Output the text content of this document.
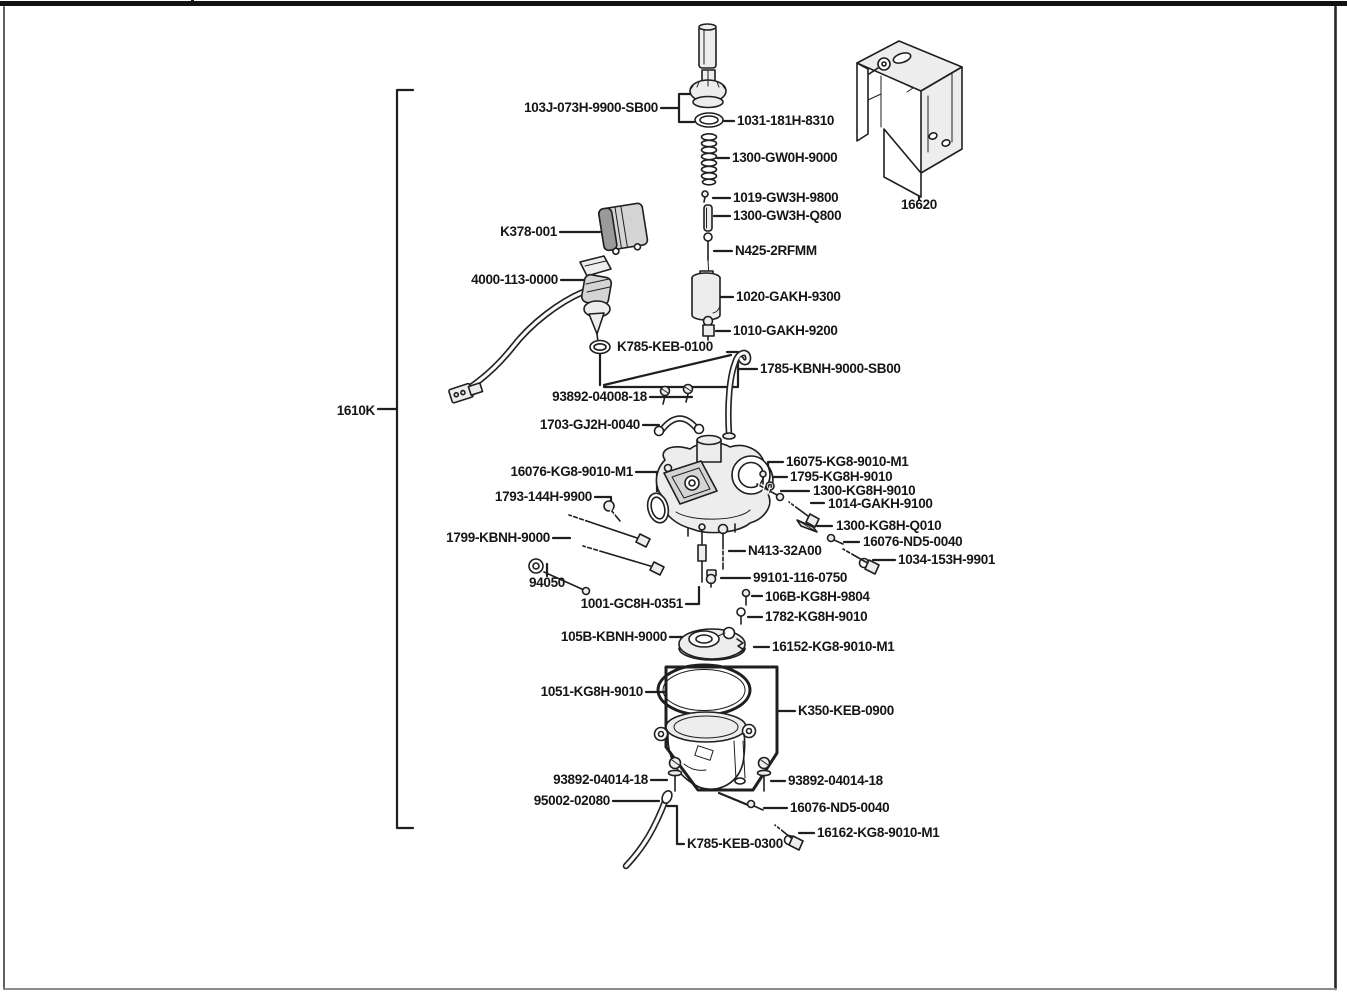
103J-073H-9900-SB00
1031-181H-8310
1300-GW0H-9000
1019-GW3H-9800
1300-GW3H-Q800
N425-2RFMM
1020-GAKH-9300
1010-GAKH-9200
16620
K378-001
4000-113-0000
K785-KEB-0100
1785-KBNH-9000-SB00
93892-04008-18
1703-GJ2H-0040
1610K
16076-KG8-9010-M1
16075-KG8-9010-M1
1795-KG8H-9010
1300-KG8H-9010
1014-GAKH-9100
1300-KG8H-Q010
16076-ND5-0040
1034-153H-9901
1793-144H-9900
1799-KBNH-9000
94050
N413-32A00
99101-116-0750
106B-KG8H-9804
1782-KG8H-9010
1001-GC8H-0351
105B-KBNH-9000
16152-KG8-9010-M1
1051-KG8H-9010
K350-KEB-0900
93892-04014-18	93892-04014-18
95002-02080	16076-ND5-0040
16162-KG8-9010-M1
K785-KEB-0300
